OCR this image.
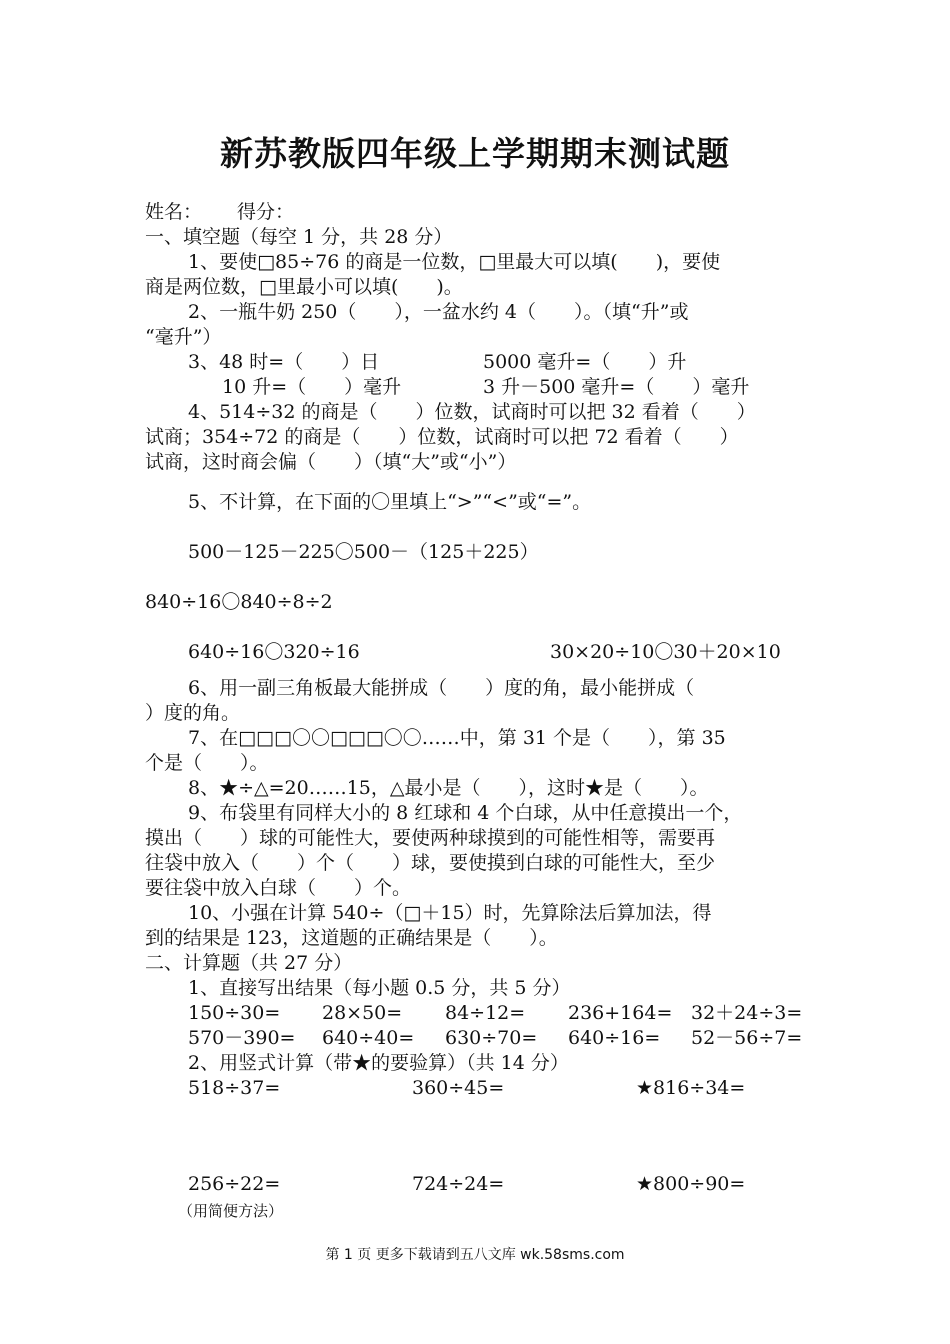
新苏教版四年级上学期期末测试题
姓名： 得分：
一、填空题（每空 1 分，共 28 分）
1、要使□85÷76 的商是一位数，□里最大可以填(　　)，要使
商是两位数，□里最小可以填(　　)。
2、一瓶牛奶 250（　　），一盆水约 4（　　）。（填“升”或
“毫升”）
3、48 时=（　　）日	5000 毫升=（　　）升
10 升=（　　）毫升	3 升－500 毫升=（　　）毫升
4、514÷32 的商是（　　）位数，试商时可以把 32 看着（　　）
试商；354÷72 的商是（　　）位数，试商时可以把 72 看着（　　）
试商，这时商会偏（　　）（填“大”或“小”）
5、不计算，在下面的〇里填上“>”“<”或“=”。
500－125－225〇500－（125＋225）
840÷16〇840÷8÷2
640÷16〇320÷16	30×20÷10〇30＋20×10
6、用一副三角板最大能拼成（　　）度的角，最小能拼成（
）度的角。
7、在□□□〇〇□□□〇〇……中，第 31 个是（　　），第 35
个是（　　）。
8、★÷△=20……15，△最小是（　　），这时★是（　　）。
9、布袋里有同样大小的 8 红球和 4 个白球，从中任意摸出一个，
摸出（　　）球的可能性大，要使两种球摸到的可能性相等，需要再
往袋中放入（　　）个（　　）球，要使摸到白球的可能性大，至少
要往袋中放入白球（　　）个。
10、小强在计算 540÷（□＋15）时，先算除法后算加法，得
到的结果是 123，这道题的正确结果是（　　）。
二、计算题（共 27 分）
1、直接写出结果（每小题 0.5 分，共 5 分）
150÷30= 28×50= 84÷12= 236+164= 32＋24÷3=
570－390= 640÷40= 630÷70= 640÷16= 52－56÷7=
2、用竖式计算（带★的要验算）（共 14 分）
518÷37=	360÷45=	★816÷34=
256÷22=	724÷24=	★800÷90=
（用简便方法）
第 1 页 更多下载请到五八文库 wk.58sms.com
